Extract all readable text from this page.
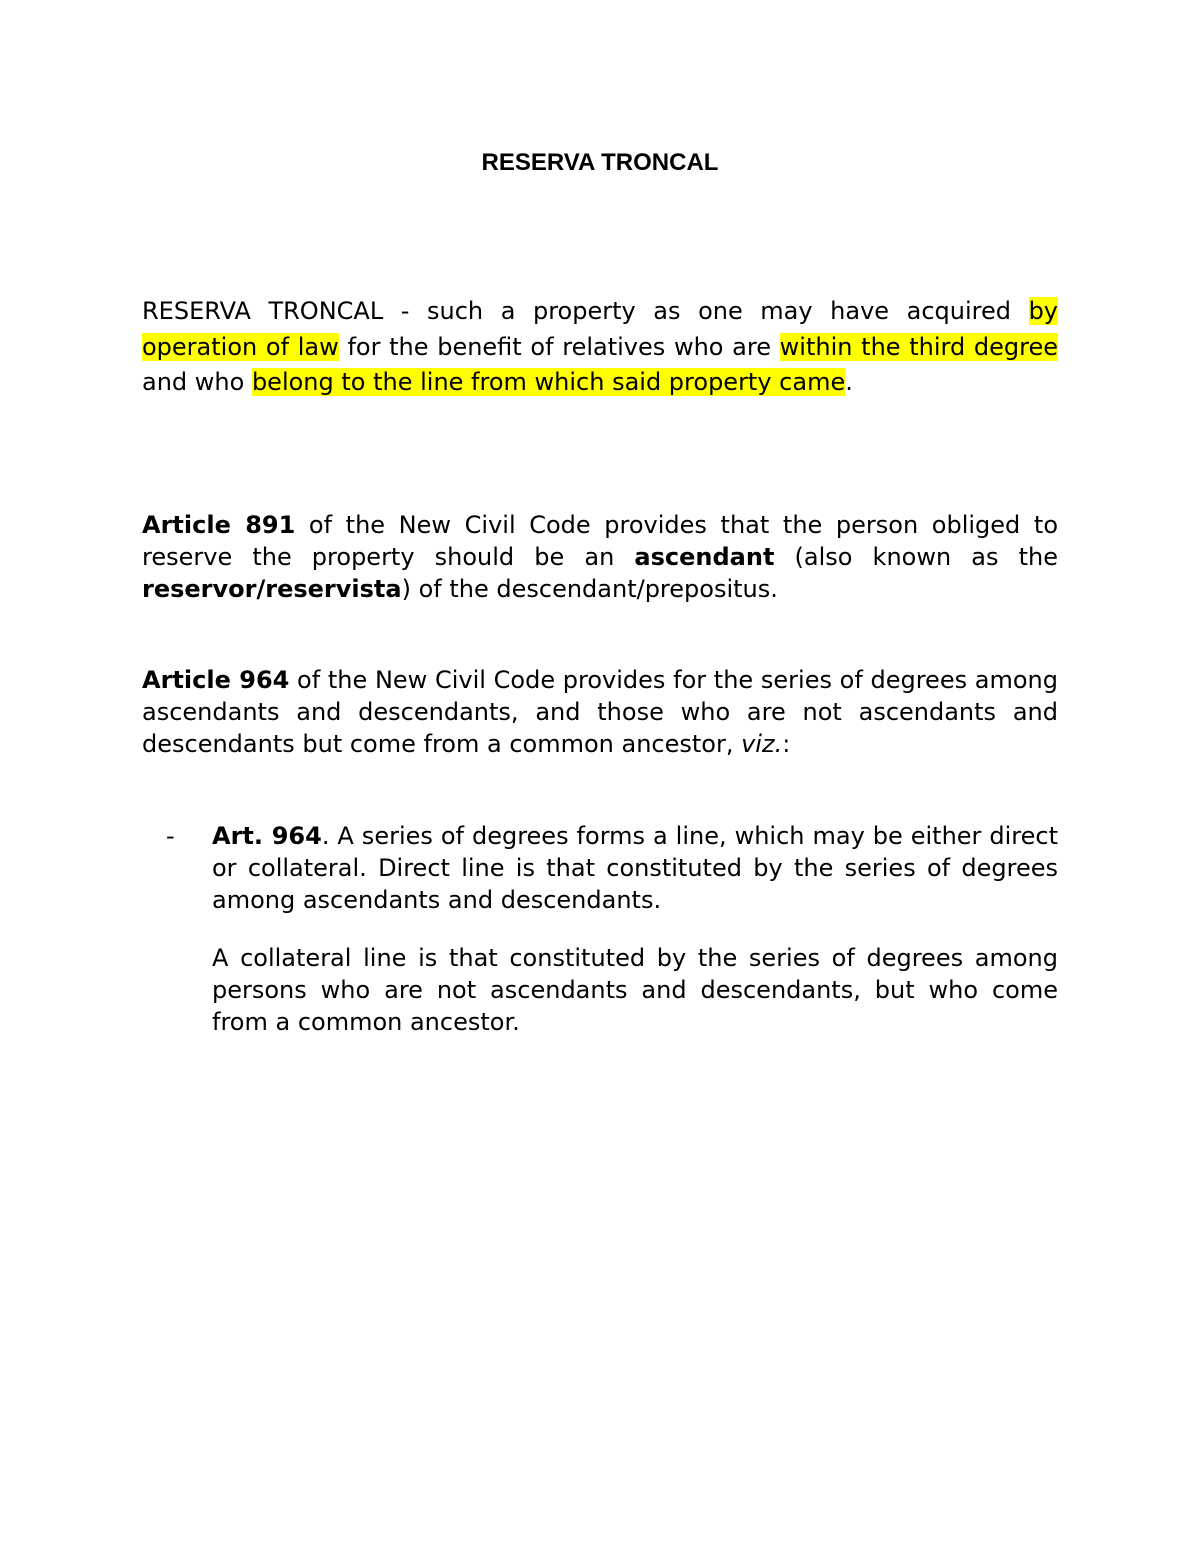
RESERVA TRONCAL

RESERVA TRONCAL - such a property as one may have acquired by operation of law for the benefit of relatives who are within the third degree and who belong to the line from which said property came.

Article 891 of the New Civil Code provides that the person obliged to reserve the property should be an ascendant (also known as the reservor/reservista) of the descendant/prepositus.

Article 964 of the New Civil Code provides for the series of degrees among ascendants and descendants, and those who are not ascendants and descendants but come from a common ancestor, viz.:

- Art. 964. A series of degrees forms a line, which may be either direct or collateral. Direct line is that constituted by the series of degrees among ascendants and descendants.

A collateral line is that constituted by the series of degrees among persons who are not ascendants and descendants, but who come from a common ancestor.
